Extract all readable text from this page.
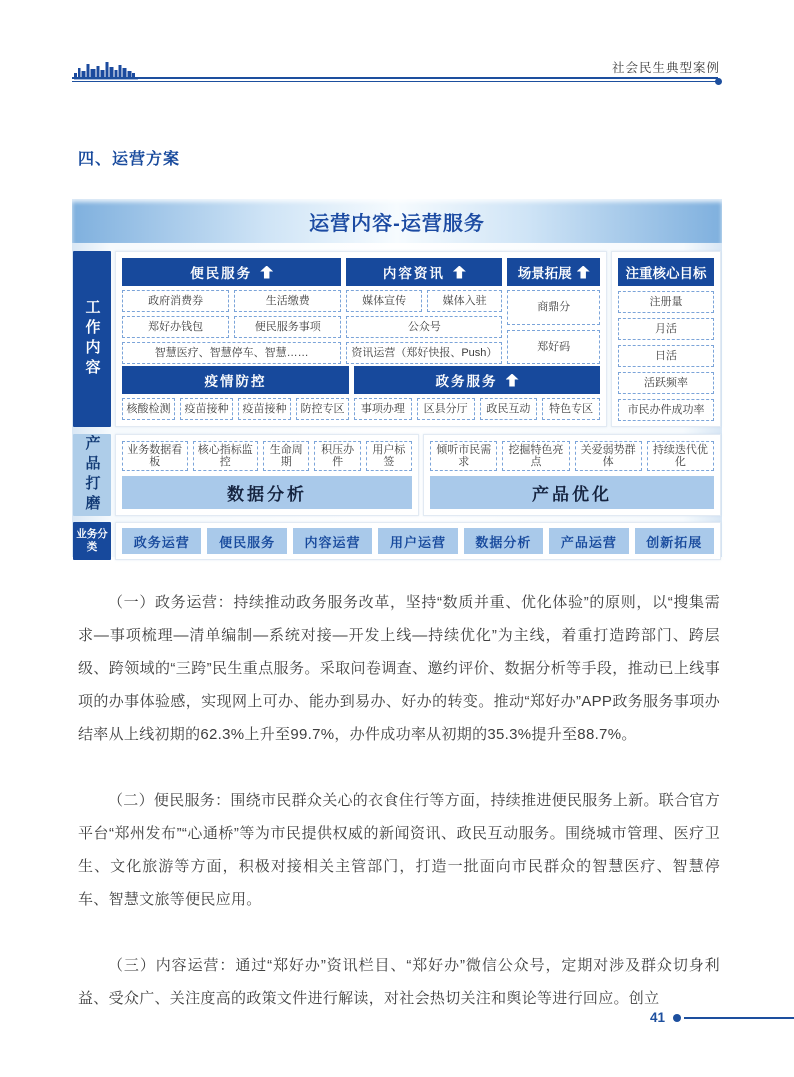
社会民生典型案例
四、运营方案
运营内容-运营服务
工作内容
便民服务
政府消费券	生活缴费
郑好办钱包	便民服务事项
智慧医疗、智慧停车、智慧……
内容资讯
媒体宣传	媒体入驻
公众号
资讯运营（郑好快报、Push）
场景拓展
商鼎分
郑好码
疫情防控
核酸检测	疫苗接种	疫苗接种	防控专区
政务服务
事项办理	区县分厅	政民互动	特色专区
注重核心目标
注册量
月活
日活
活跃频率
市民办件成功率
产品打磨	业务数据看板
核心指标监控
生命周期
积压办件
用户标签
数据分析
倾听市民需求
挖掘特色亮点
关爱弱势群体
持续迭代优化
产品优化
业务分类	政务运营	便民服务	内容运营	用户运营	数据分析	产品运营	创新拓展

（一）政务运营：持续推动政务服务改革，坚持“数质并重、优化体验”的原则，以“搜集需求—事项梳理—清单编制—系统对接—开发上线—持续优化”为主线，着重打造跨部门、跨层级、跨领域的“三跨”民生重点服务。采取问卷调查、邀约评价、数据分析等手段，推动已上线事项的办事体验感，实现网上可办、能办到易办、好办的转变。推动“郑好办”APP政务服务事项办结率从上线初期的62.3%上升至99.7%，办件成功率从初期的35.3%提升至88.7%。

（二）便民服务：围绕市民群众关心的衣食住行等方面，持续推进便民服务上新。联合官方平台“郑州发布”“心通桥”等为市民提供权威的新闻资讯、政民互动服务。围绕城市管理、医疗卫生、文化旅游等方面，积极对接相关主管部门，打造一批面向市民群众的智慧医疗、智慧停车、智慧文旅等便民应用。

（三）内容运营：通过“郑好办”资讯栏目、“郑好办”微信公众号，定期对涉及群众切身利益、受众广、关注度高的政策文件进行解读，对社会热切关注和舆论等进行回应。创立

41
